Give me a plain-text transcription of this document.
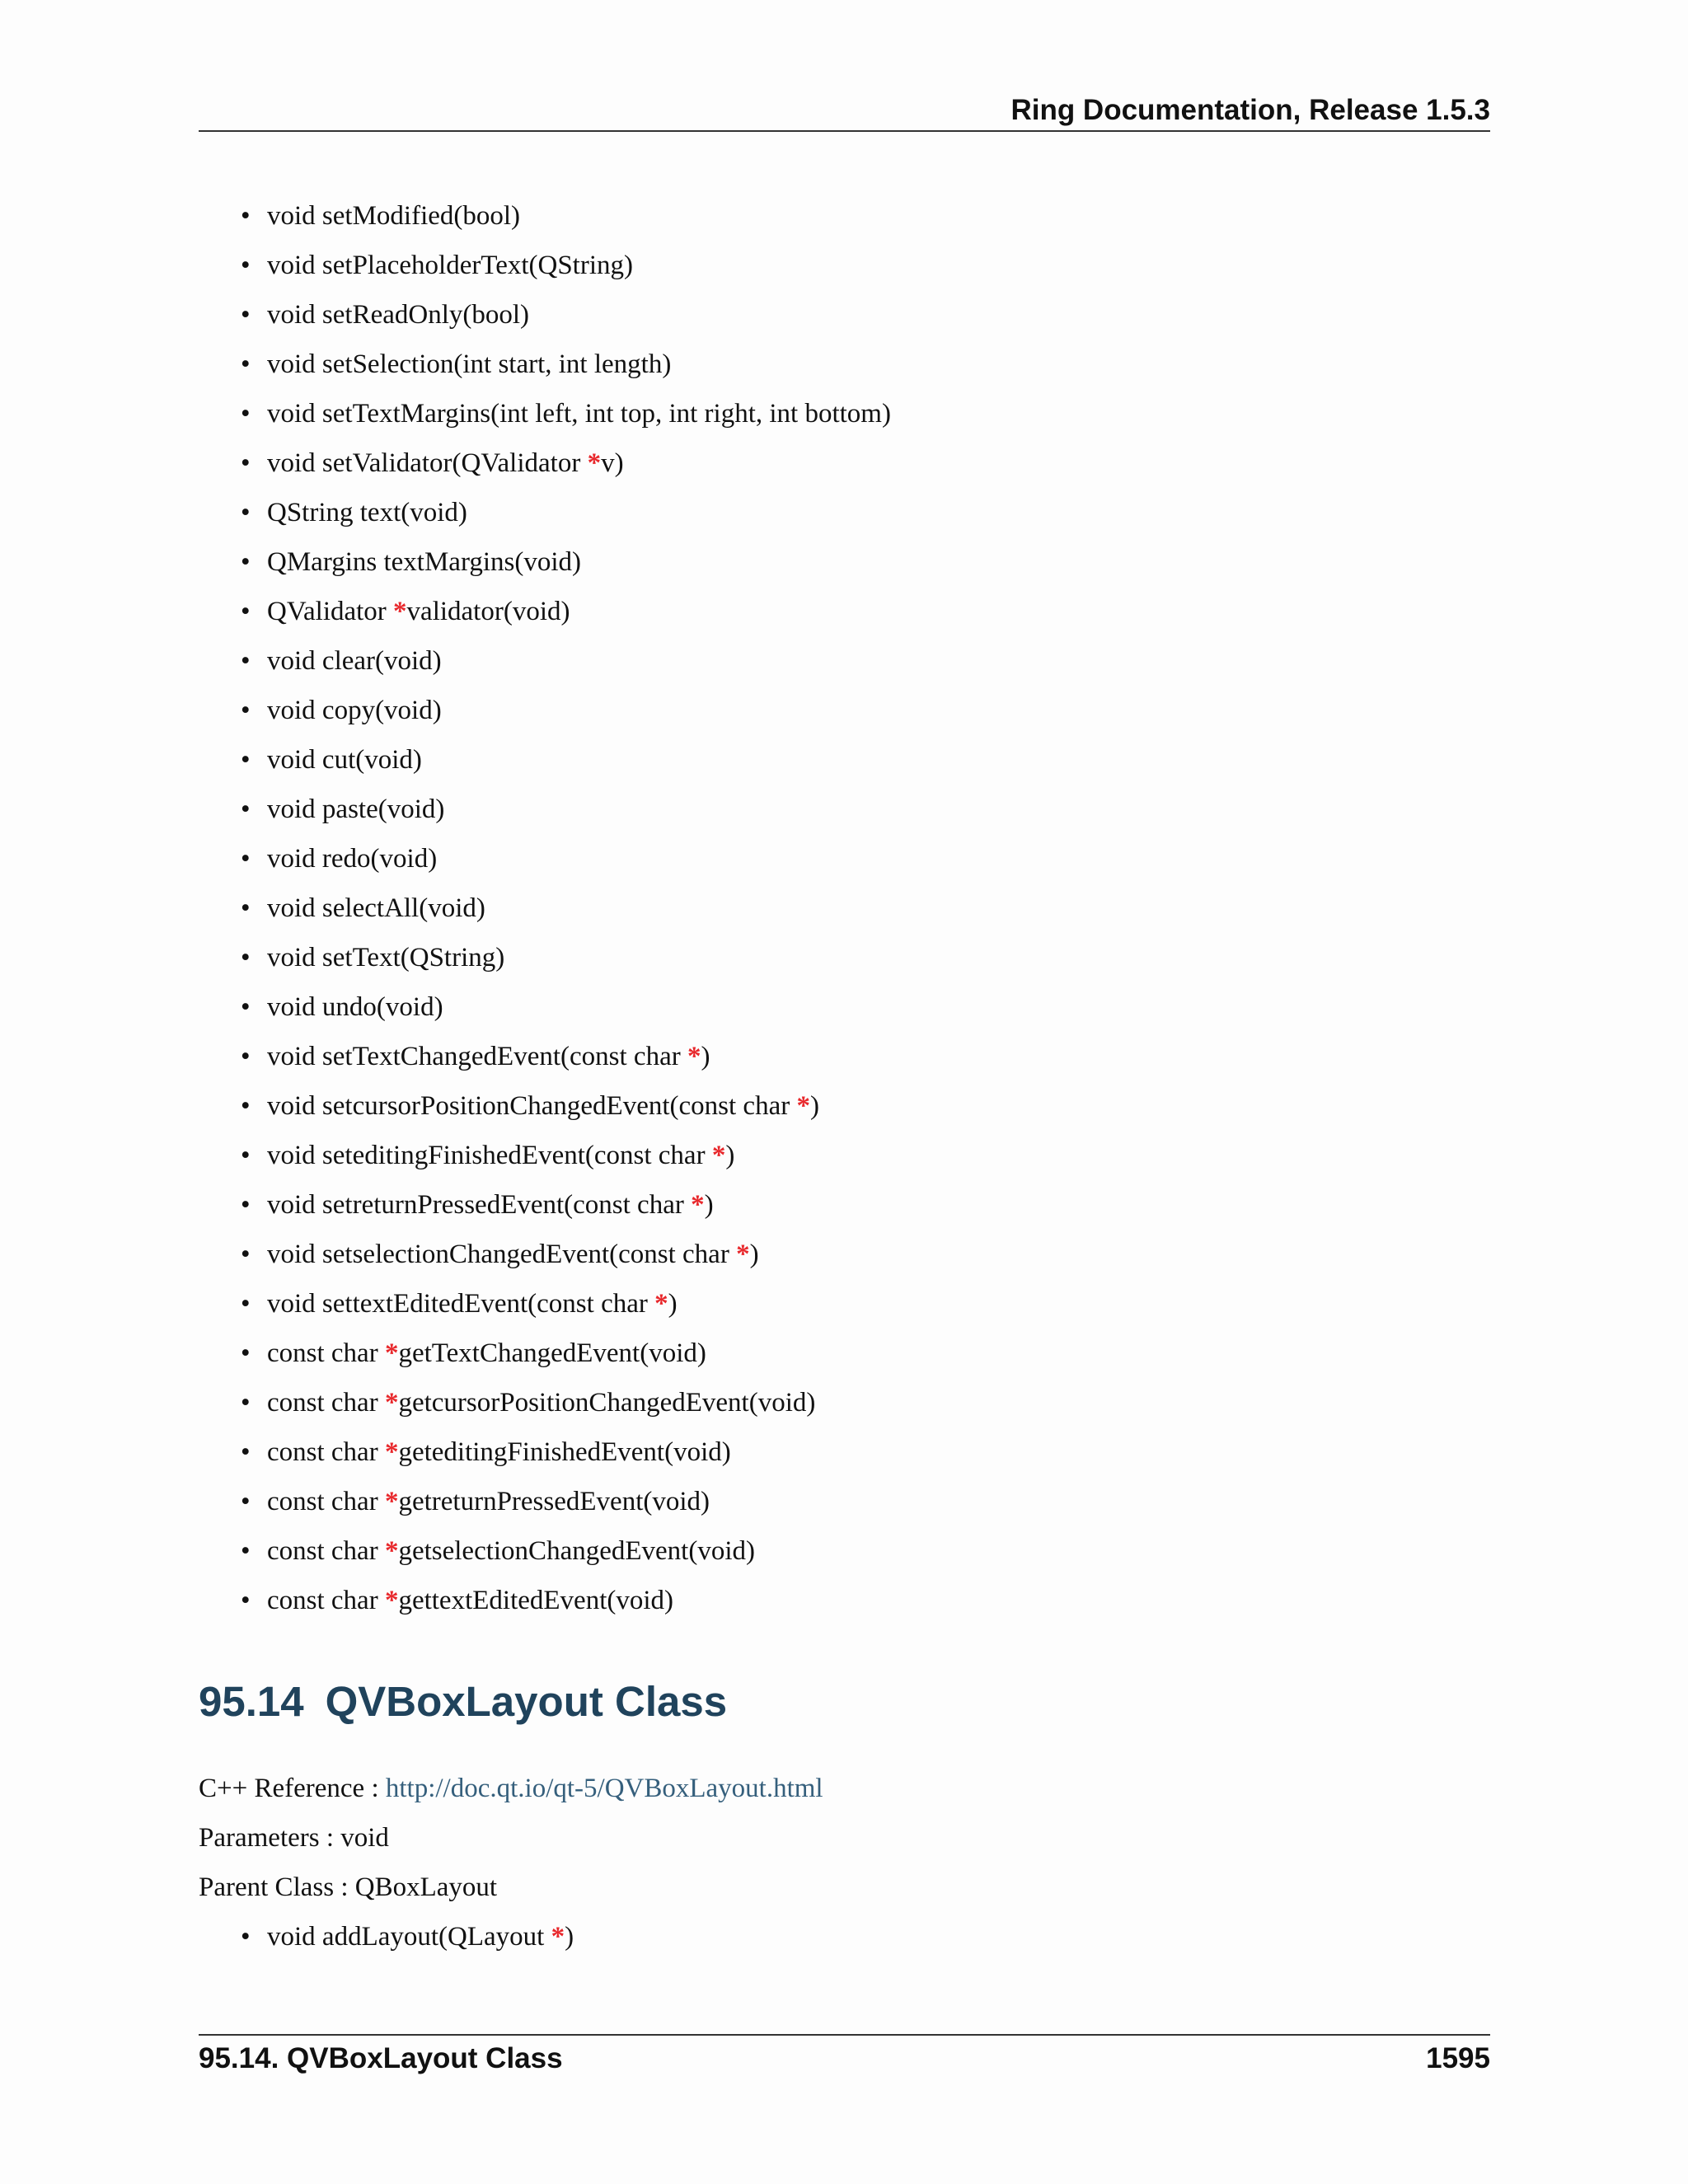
Ring Documentation, Release 1.5.3
• void setModified(bool)
• void setPlaceholderText(QString)
• void setReadOnly(bool)
• void setSelection(int start, int length)
• void setTextMargins(int left, int top, int right, int bottom)
• void setValidator(QValidator *v)
• QString text(void)
• QMargins textMargins(void)
• QValidator *validator(void)
• void clear(void)
• void copy(void)
• void cut(void)
• void paste(void)
• void redo(void)
• void selectAll(void)
• void setText(QString)
• void undo(void)
• void setTextChangedEvent(const char *)
• void setcursorPositionChangedEvent(const char *)
• void seteditingFinishedEvent(const char *)
• void setreturnPressedEvent(const char *)
• void setselectionChangedEvent(const char *)
• void settextEditedEvent(const char *)
• const char *getTextChangedEvent(void)
• const char *getcursorPositionChangedEvent(void)
• const char *geteditingFinishedEvent(void)
• const char *getreturnPressedEvent(void)
• const char *getselectionChangedEvent(void)
• const char *gettextEditedEvent(void)
95.14 QVBoxLayout Class
C++ Reference : http://doc.qt.io/qt-5/QVBoxLayout.html
Parameters : void
Parent Class : QBoxLayout
• void addLayout(QLayout *)
95.14. QVBoxLayout Class	1595
